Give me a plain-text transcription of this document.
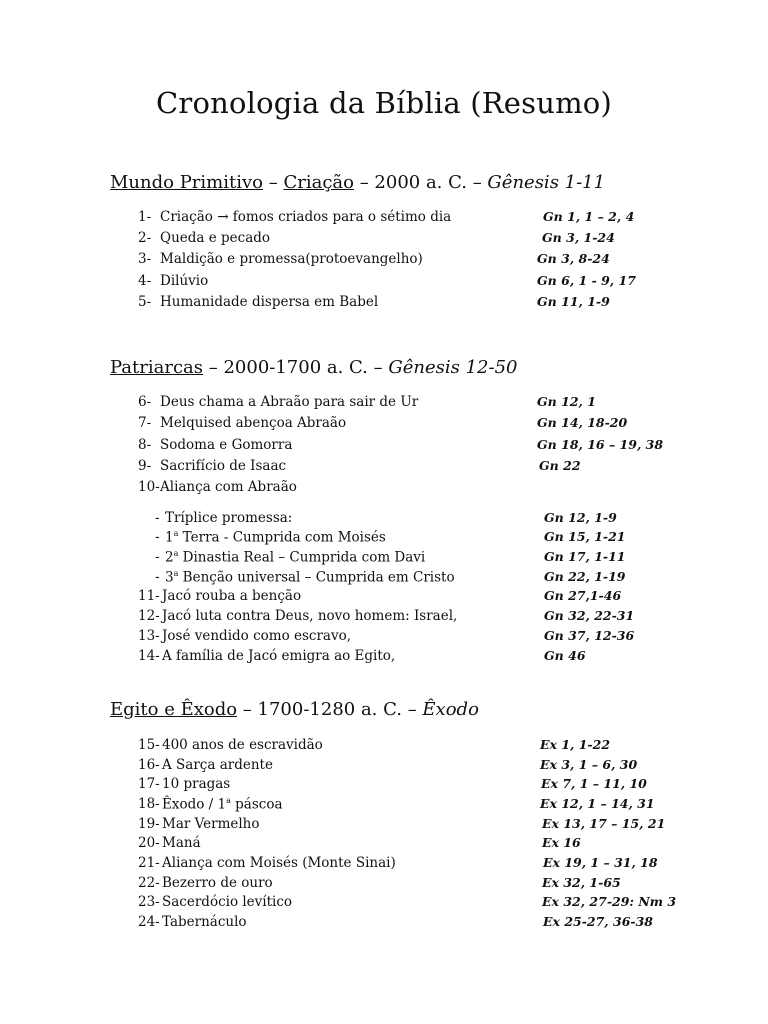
Cronologia da Bíblia (Resumo)
Mundo Primitivo – Criação – 2000 a. C. – Gênesis 1-11
1- Criação → fomos criados para o sétimo dia	Gn 1, 1 – 2, 4
2- Queda e pecado	Gn 3, 1-24
3- Maldição e promessa(protoevangelho)	Gn 3, 8-24
4- Dilúvio	Gn 6, 1 - 9, 17
5- Humanidade dispersa em Babel	Gn 11, 1-9
Patriarcas – 2000-1700 a. C. – Gênesis 12-50
6- Deus chama a Abraão para sair de Ur	Gn 12, 1
7- Melquised abençoa Abraão	Gn 14, 18-20
8- Sodoma e Gomorra	Gn 18, 16 – 19, 38
9- Sacrifício de Isaac	Gn 22
10- Aliança com Abraão
- Tríplice promessa:	Gn 12, 1-9
- 1$^a$ Terra - Cumprida com Moisés	Gn 15, 1-21
- 2$^a$ Dinastia Real – Cumprida com Davi	Gn 17, 1-11
- 3$^a$ Benção universal – Cumprida em Cristo	Gn 22, 1-19
11- Jacó rouba a benção	Gn 27,1-46
12- Jacó luta contra Deus, novo homem: Israel,	Gn 32, 22-31
13- José vendido como escravo,	Gn 37, 12-36
14- A família de Jacó emigra ao Egito,	Gn 46
Egito e Êxodo – 1700-1280 a. C. – Êxodo
15- 400 anos de escravidão	Ex 1, 1-22
16- A Sarça ardente	Ex 3, 1 – 6, 30
17- 10 pragas	Ex 7, 1 – 11, 10
18- Êxodo / 1$^a$ páscoa	Ex 12, 1 – 14, 31
19- Mar Vermelho	Ex 13, 17 – 15, 21
20- Maná	Ex 16
21- Aliança com Moisés (Monte Sinai)	Ex 19, 1 – 31, 18
22- Bezerro de ouro	Ex 32, 1-65
23- Sacerdócio levítico	Ex 32, 27-29: Nm 3
24- Tabernáculo	Ex 25-27, 36-38
